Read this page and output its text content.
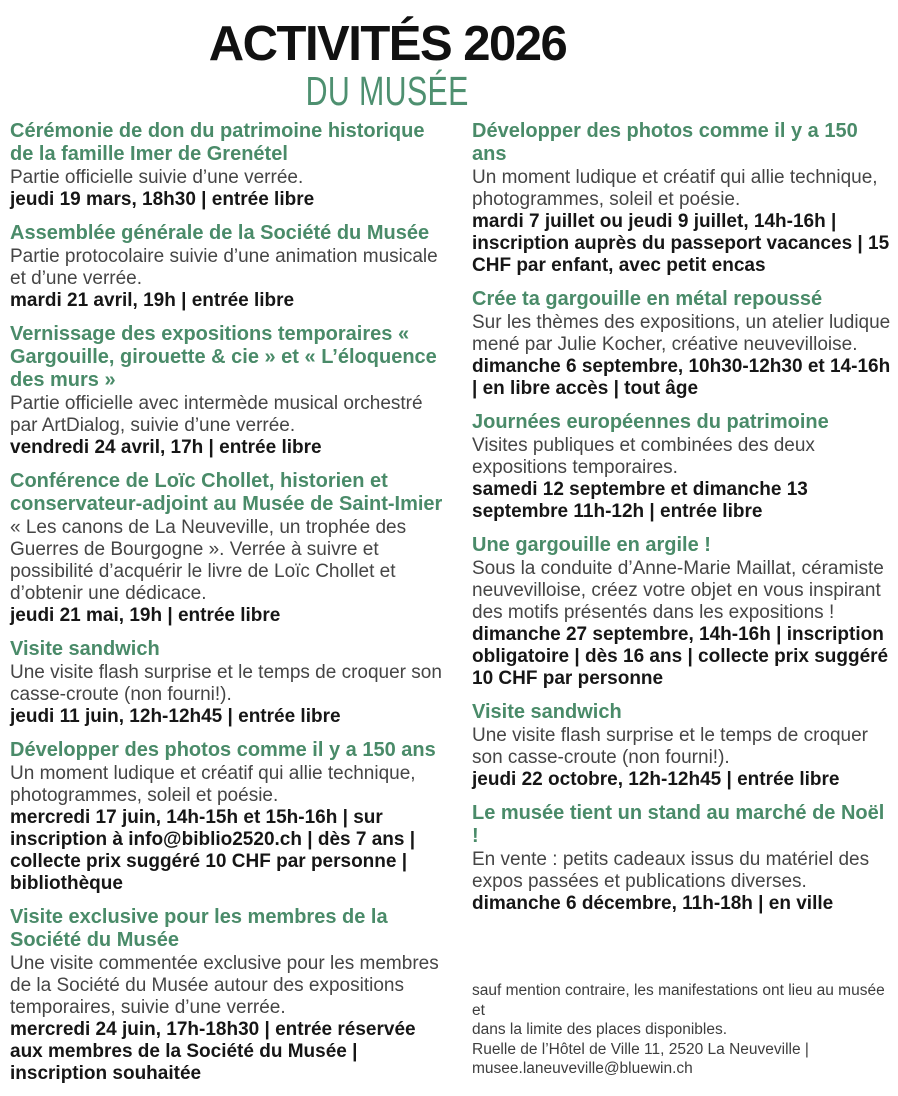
ACTIVITÉS 2026
DU MUSÉE
Cérémonie de don du patrimoine historique de la famille Imer de Grenétel
Partie officielle suivie d’une verrée.
jeudi 19 mars, 18h30 | entrée libre
Assemblée générale de la Société du Musée
Partie protocolaire suivie d’une animation musicale et d’une verrée.
mardi 21 avril, 19h | entrée libre
Vernissage des expositions temporaires « Gargouille, girouette & cie » et « L’éloquence des murs »
Partie officielle avec intermède musical orchestré par ArtDialog, suivie d’une verrée.
vendredi 24 avril, 17h | entrée libre
Conférence de Loïc Chollet, historien et conservateur-adjoint au Musée de Saint-Imier
« Les canons de La Neuveville, un trophée des Guerres de Bourgogne ». Verrée à suivre et possibilité d’acquérir le livre de Loïc Chollet et d’obtenir une dédicace.
jeudi 21 mai, 19h | entrée libre
Visite sandwich
Une visite flash surprise et le temps de croquer son casse-croute (non fourni!).
jeudi 11 juin, 12h-12h45 | entrée libre
Développer des photos comme il y a 150 ans
Un moment ludique et créatif qui allie technique, photogrammes, soleil et poésie.
mercredi 17 juin, 14h-15h et 15h-16h | sur inscription à info@biblio2520.ch | dès 7 ans | collecte prix suggéré 10 CHF par personne | bibliothèque
Visite exclusive pour les membres de la Société du Musée
Une visite commentée exclusive pour les membres de la Société du Musée autour des expositions temporaires, suivie d’une verrée.
mercredi 24 juin, 17h-18h30 | entrée réservée aux membres de la Société du Musée | inscription souhaitée
Développer des photos comme il y a 150 ans
Un moment ludique et créatif qui allie technique, photogrammes, soleil et poésie.
mardi 7 juillet ou jeudi 9 juillet, 14h-16h | inscription auprès du passeport vacances | 15 CHF par enfant, avec petit encas
Crée ta gargouille en métal repoussé
Sur les thèmes des expositions, un atelier ludique mené par Julie Kocher, créative neuvevilloise.
dimanche 6 septembre, 10h30-12h30 et 14-16h | en libre accès | tout âge
Journées européennes du patrimoine
Visites publiques et combinées des deux expositions temporaires.
samedi 12 septembre et dimanche 13 septembre 11h-12h | entrée libre
Une gargouille en argile !
Sous la conduite d’Anne-Marie Maillat, céramiste neuvevilloise, créez votre objet en vous inspirant des motifs présentés dans les expositions !
dimanche 27 septembre, 14h-16h | inscription obligatoire | dès 16 ans | collecte prix suggéré 10 CHF par personne
Visite sandwich
Une visite flash surprise et le temps de croquer son casse-croute (non fourni!).
jeudi 22 octobre, 12h-12h45 | entrée libre
Le musée tient un stand au marché de Noël !
En vente : petits cadeaux issus du matériel des expos passées et publications diverses.
dimanche 6 décembre, 11h-18h | en ville
sauf mention contraire, les manifestations ont lieu au musée et
dans la limite des places disponibles.
Ruelle de l’Hôtel de Ville 11, 2520 La Neuveville |
musee.laneuveville@bluewin.ch
